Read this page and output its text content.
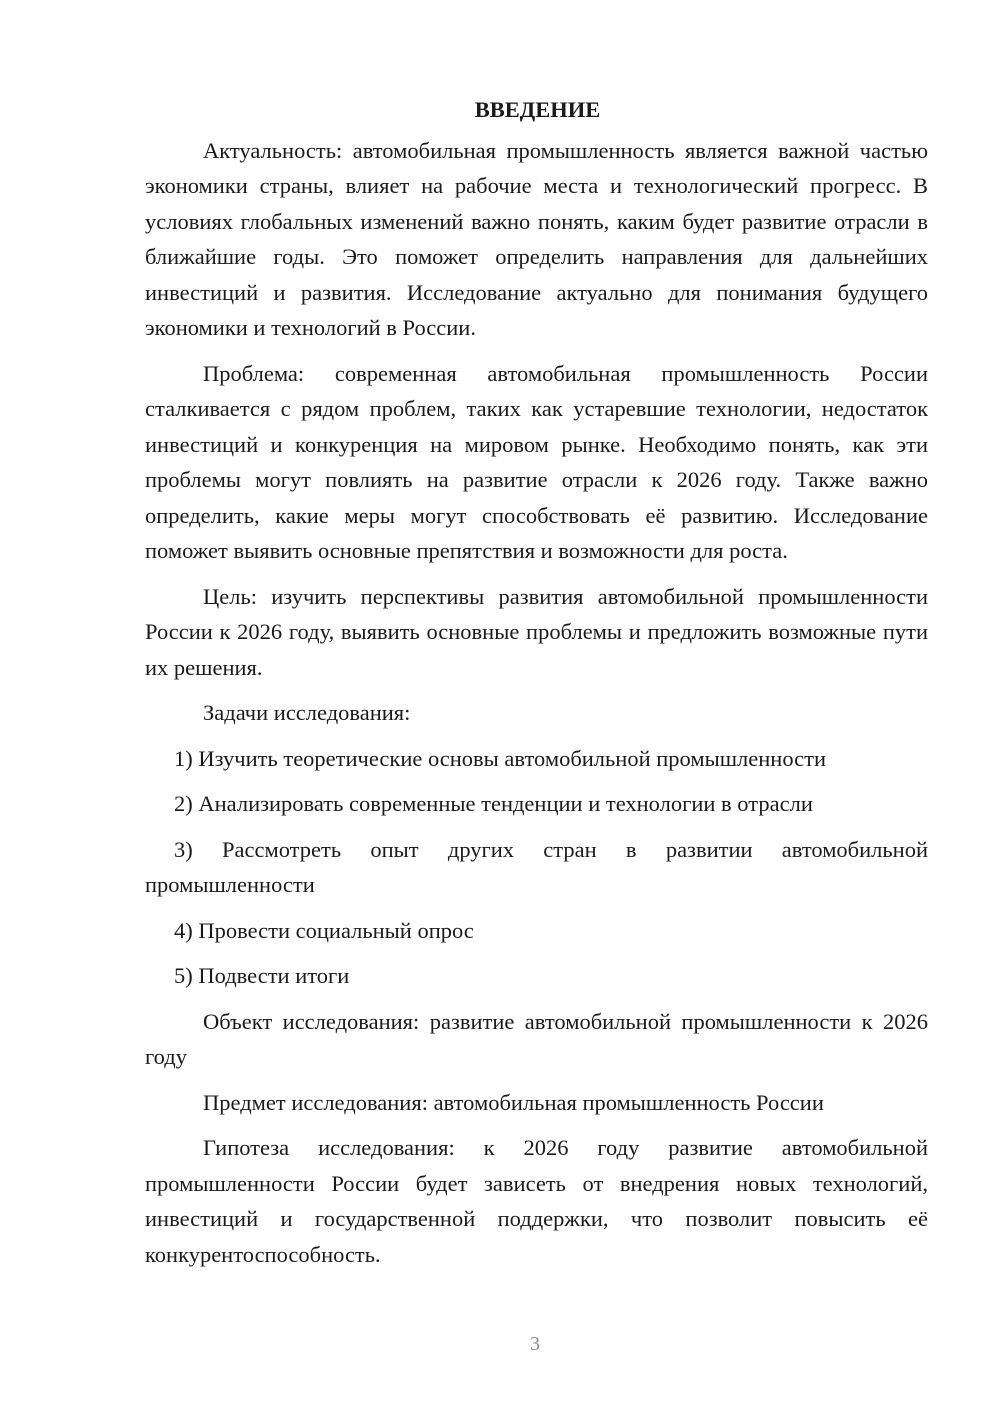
ВВЕДЕНИЕ

Актуальность: автомобильная промышленность является важной частью экономики страны, влияет на рабочие места и технологический прогресс. В условиях глобальных изменений важно понять, каким будет развитие отрасли в ближайшие годы. Это поможет определить направления для дальнейших инвестиций и развития. Исследование актуально для понимания будущего экономики и технологий в России.

Проблема: современная автомобильная промышленность России сталкивается с рядом проблем, таких как устаревшие технологии, недостаток инвестиций и конкуренция на мировом рынке. Необходимо понять, как эти проблемы могут повлиять на развитие отрасли к 2026 году. Также важно определить, какие меры могут способствовать её развитию. Исследование поможет выявить основные препятствия и возможности для роста.

Цель: изучить перспективы развития автомобильной промышленности России к 2026 году, выявить основные проблемы и предложить возможные пути их решения.

Задачи исследования:

1) Изучить теоретические основы автомобильной промышленности

2) Анализировать современные тенденции и технологии в отрасли

3) Рассмотреть опыт других стран в развитии автомобильной промышленности

4) Провести социальный опрос

5) Подвести итоги

Объект исследования: развитие автомобильной промышленности к 2026 году

Предмет исследования: автомобильная промышленность России

Гипотеза исследования: к 2026 году развитие автомобильной промышленности России будет зависеть от внедрения новых технологий, инвестиций и государственной поддержки, что позволит повысить её конкурентоспособность.

3
